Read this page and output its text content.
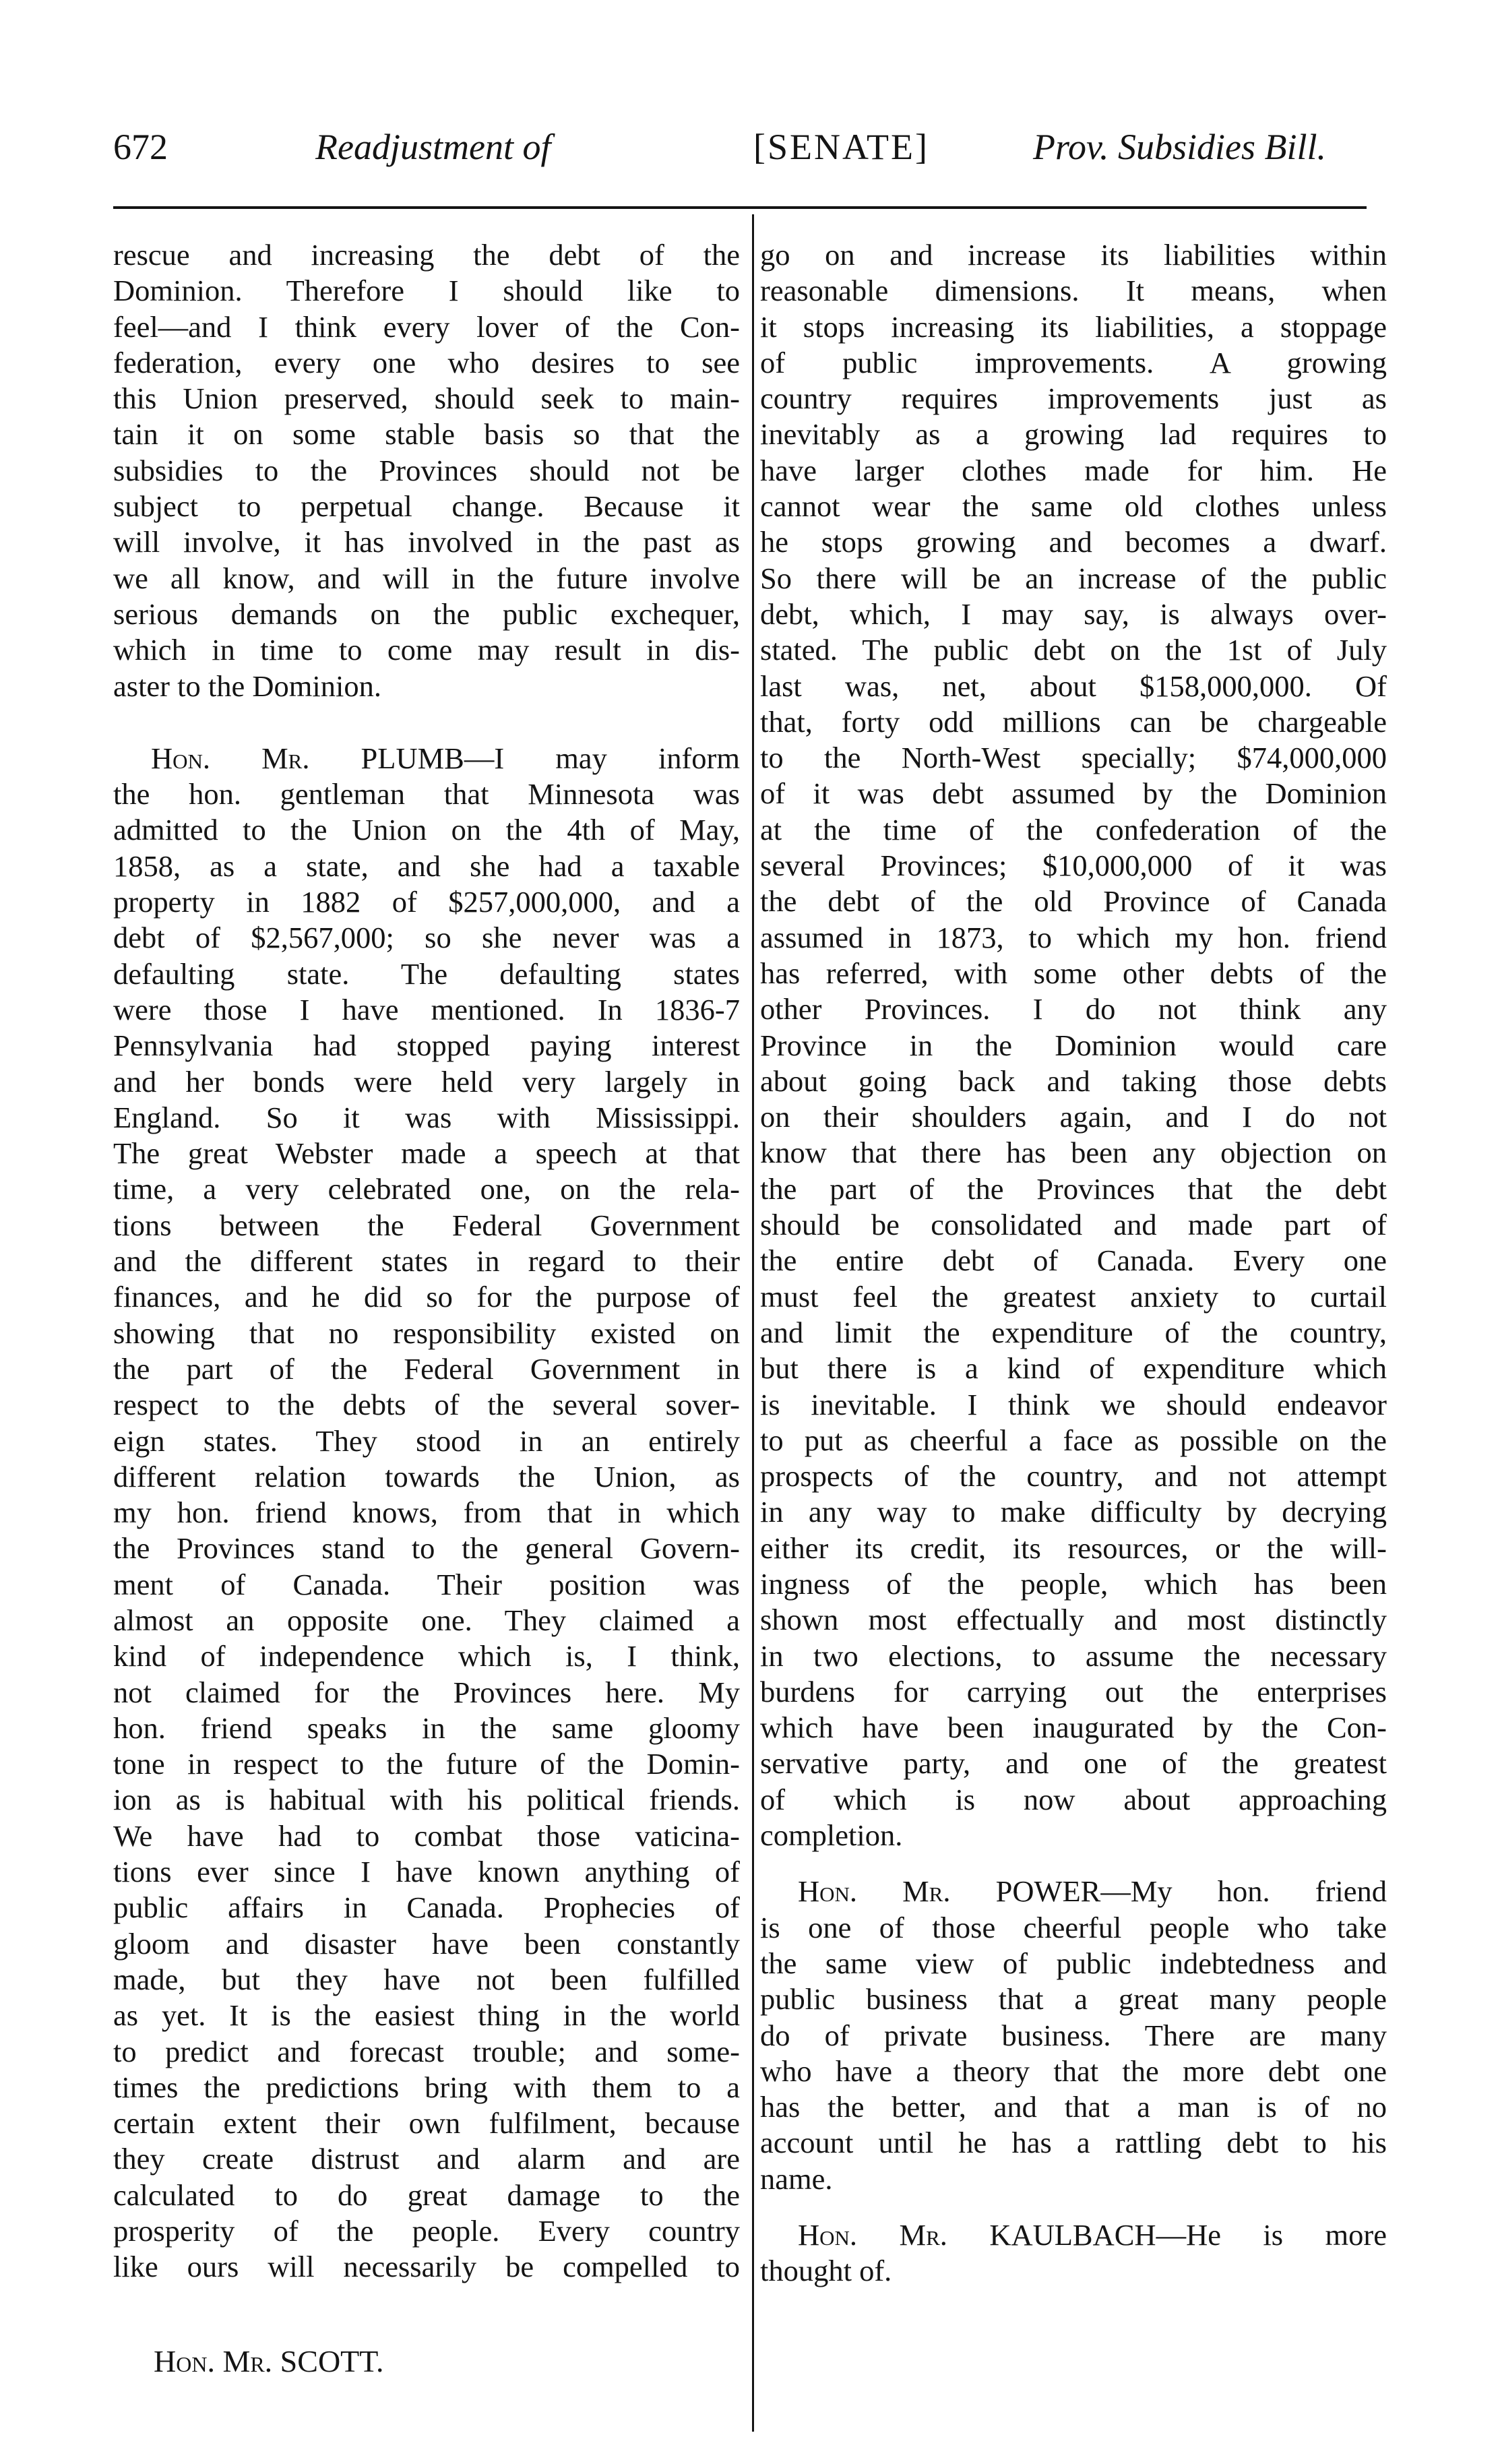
672	Readjustment of	[SENATE]	Prov. Subsidies Bill.
rescue and increasing the debt of the
Dominion. Therefore I should like to
feel—and I think every lover of the Con-
federation, every one who desires to see
this Union preserved, should seek to main-
tain it on some stable basis so that the
subsidies to the Provinces should not be
subject to perpetual change. Because it
will involve, it has involved in the past as
we all know, and will in the future involve
serious demands on the public exchequer,
which in time to come may result in dis-
aster to the Dominion.
Hon. Mr. PLUMB—I may inform
the hon. gentleman that Minnesota was
admitted to the Union on the 4th of May,
1858, as a state, and she had a taxable
property in 1882 of $257,000,000, and a
debt of $2,567,000; so she never was a
defaulting state. The defaulting states
were those I have mentioned. In 1836-7
Pennsylvania had stopped paying interest
and her bonds were held very largely in
England. So it was with Mississippi.
The great Webster made a speech at that
time, a very celebrated one, on the rela-
tions between the Federal Government
and the different states in regard to their
finances, and he did so for the purpose of
showing that no responsibility existed on
the part of the Federal Government in
respect to the debts of the several sover-
eign states. They stood in an entirely
different relation towards the Union, as
my hon. friend knows, from that in which
the Provinces stand to the general Govern-
ment of Canada. Their position was
almost an opposite one. They claimed a
kind of independence which is, I think,
not claimed for the Provinces here. My
hon. friend speaks in the same gloomy
tone in respect to the future of the Domin-
ion as is habitual with his political friends.
We have had to combat those vaticina-
tions ever since I have known anything of
public affairs in Canada. Prophecies of
gloom and disaster have been constantly
made, but they have not been fulfilled
as yet. It is the easiest thing in the world
to predict and forecast trouble; and some-
times the predictions bring with them to a
certain extent their own fulfilment, because
they create distrust and alarm and are
calculated to do great damage to the
prosperity of the people. Every country
like ours will necessarily be compelled to
go on and increase its liabilities within
reasonable dimensions. It means, when
it stops increasing its liabilities, a stoppage
of public improvements. A growing
country requires improvements just as
inevitably as a growing lad requires to
have larger clothes made for him. He
cannot wear the same old clothes unless
he stops growing and becomes a dwarf.
So there will be an increase of the public
debt, which, I may say, is always over-
stated. The public debt on the 1st of July
last was, net, about $158,000,000. Of
that, forty odd millions can be chargeable
to the North-West specially; $74,000,000
of it was debt assumed by the Dominion
at the time of the confederation of the
several Provinces; $10,000,000 of it was
the debt of the old Province of Canada
assumed in 1873, to which my hon. friend
has referred, with some other debts of the
other Provinces. I do not think any
Province in the Dominion would care
about going back and taking those debts
on their shoulders again, and I do not
know that there has been any objection on
the part of the Provinces that the debt
should be consolidated and made part of
the entire debt of Canada. Every one
must feel the greatest anxiety to curtail
and limit the expenditure of the country,
but there is a kind of expenditure which
is inevitable. I think we should endeavor
to put as cheerful a face as possible on the
prospects of the country, and not attempt
in any way to make difficulty by decrying
either its credit, its resources, or the will-
ingness of the people, which has been
shown most effectually and most distinctly
in two elections, to assume the necessary
burdens for carrying out the enterprises
which have been inaugurated by the Con-
servative party, and one of the greatest
of which is now about approaching
completion.
Hon. Mr. POWER—My hon. friend
is one of those cheerful people who take
the same view of public indebtedness and
public business that a great many people
do of private business. There are many
who have a theory that the more debt one
has the better, and that a man is of no
account until he has a rattling debt to his
name.
Hon. Mr. KAULBACH—He is more
thought of.
Hon. Mr. SCOTT.
